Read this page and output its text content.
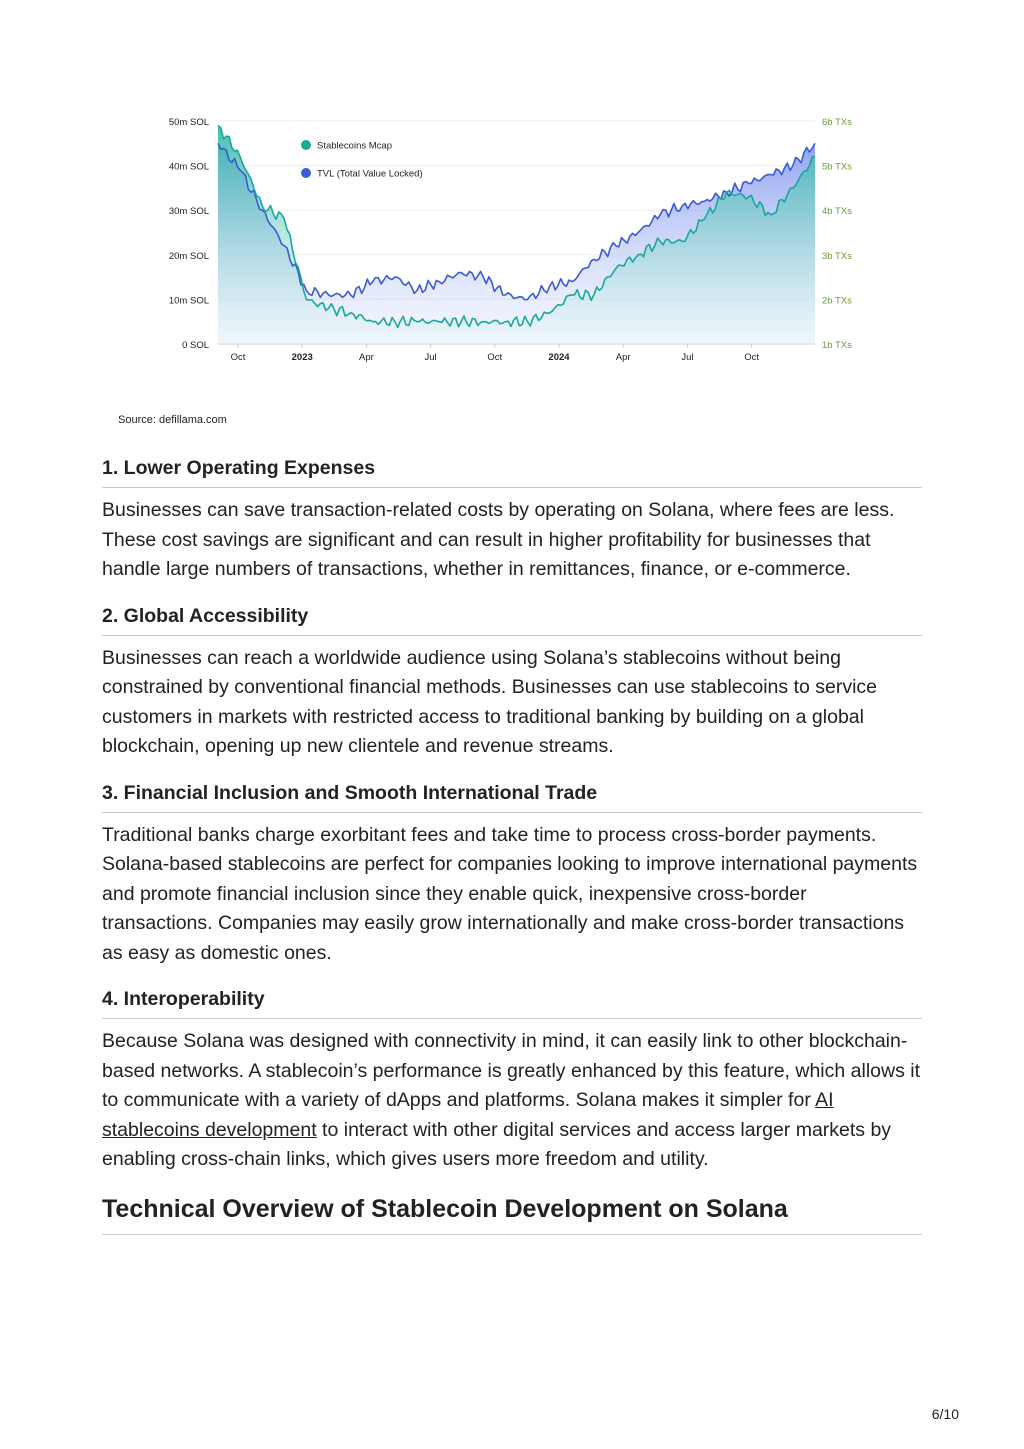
50m SOL
40m SOL
30m SOL
20m SOL
10m SOL
0 SOL
6b TXs
5b TXs
4b TXs
3b TXs
2b TXs
1b TXs
Oct	2023	Apr	Jul	Oct	2024	Apr	Jul	Oct
Stablecoins Mcap
TVL (Total Value Locked)
Source: defillama.com
1. Lower Operating Expenses

Businesses can save transaction-related costs by operating on Solana, where fees are less. These cost savings are significant and can result in higher profitability for businesses that handle large numbers of transactions, whether in remittances, finance, or e-commerce.

2. Global Accessibility

Businesses can reach a worldwide audience using Solana’s stablecoins without being constrained by conventional financial methods. Businesses can use stablecoins to service customers in markets with restricted access to traditional banking by building on a global blockchain, opening up new clientele and revenue streams.

3. Financial Inclusion and Smooth International Trade

Traditional banks charge exorbitant fees and take time to process cross-border payments. Solana-based stablecoins are perfect for companies looking to improve international payments and promote financial inclusion since they enable quick, inexpensive cross-border transactions. Companies may easily grow internationally and make cross-border transactions as easy as domestic ones.

4. Interoperability

Because Solana was designed with connectivity in mind, it can easily link to other blockchain-based networks. A stablecoin’s performance is greatly enhanced by this feature, which allows it to communicate with a variety of dApps and platforms. Solana makes it simpler for AI stablecoins development to interact with other digital services and access larger markets by enabling cross-chain links, which gives users more freedom and utility.

Technical Overview of Stablecoin Development on Solana
6/10
